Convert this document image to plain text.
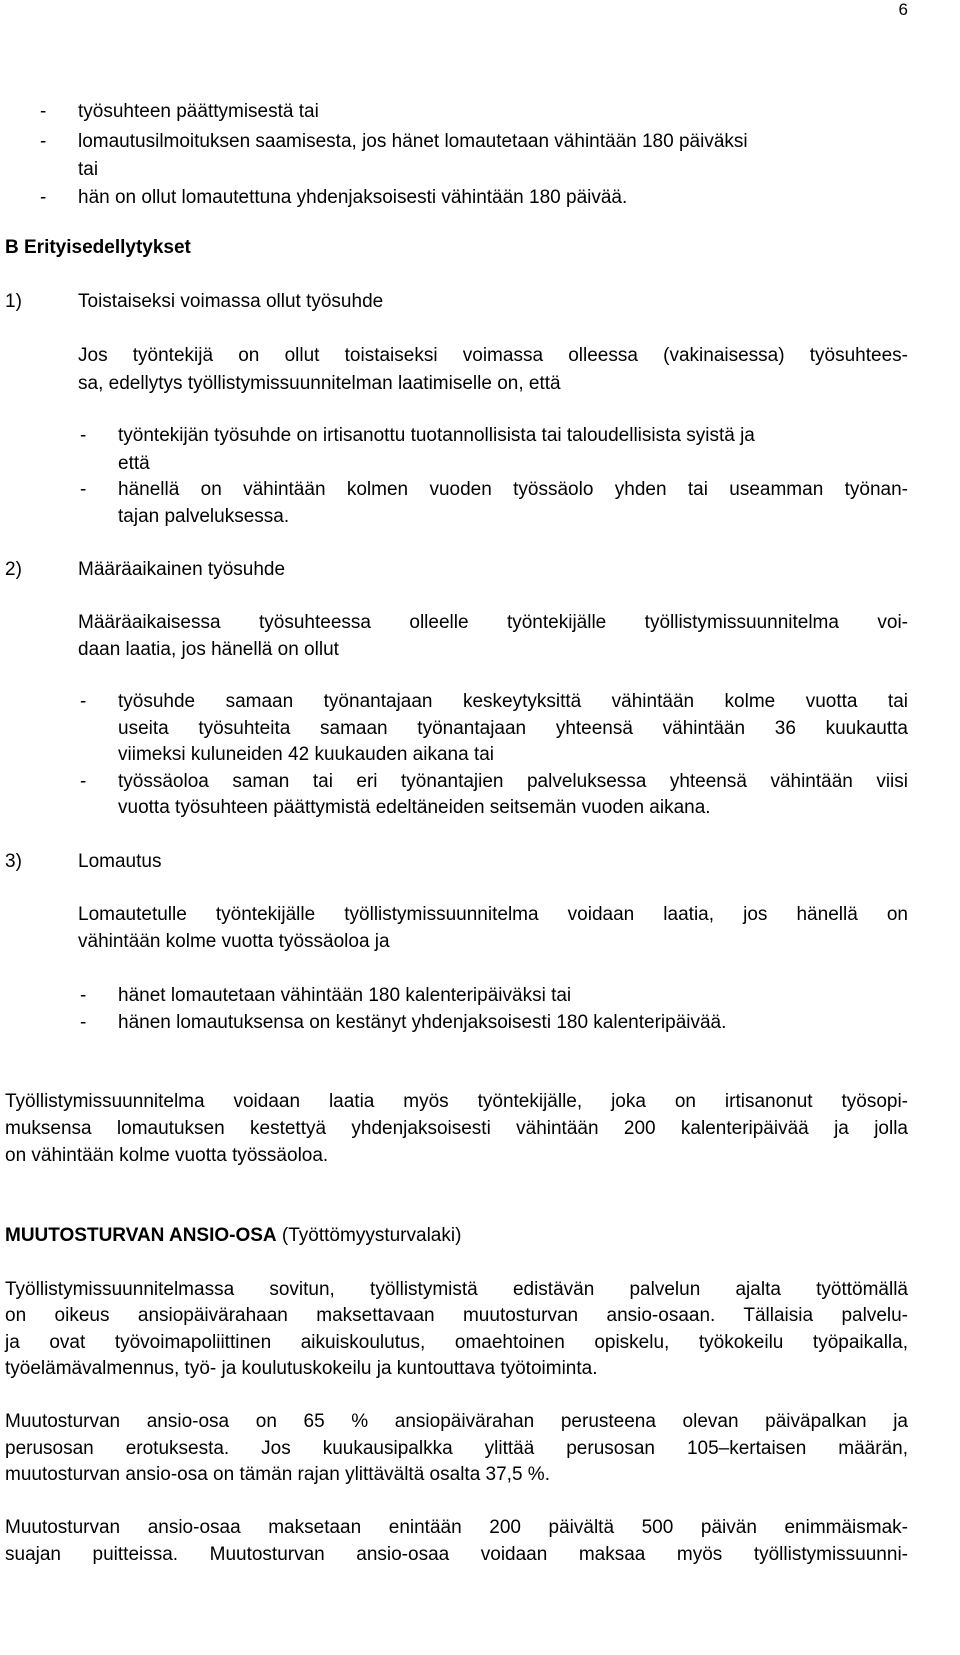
6
- työsuhteen päättymisestä tai
- lomautusilmoituksen saamisesta, jos hänet lomautetaan vähintään 180 päiväksi
tai
- hän on ollut lomautettuna yhdenjaksoisesti vähintään 180 päivää.
B Erityisedellytykset
1)	Toistaiseksi voimassa ollut työsuhde
Jos työntekijä on ollut toistaiseksi voimassa olleessa (vakinaisessa) työsuhtees-
sa, edellytys työllistymissuunnitelman laatimiselle on, että
- työntekijän työsuhde on irtisanottu tuotannollisista tai taloudellisista syistä ja
että
- hänellä on vähintään kolmen vuoden työssäolo yhden tai useamman työnan-
tajan palveluksessa.
2)	Määräaikainen työsuhde
Määräaikaisessa työsuhteessa olleelle työntekijälle työllistymissuunnitelma voi-
daan laatia, jos hänellä on ollut
- työsuhde samaan työnantajaan keskeytyksittä vähintään kolme vuotta tai
useita työsuhteita samaan työnantajaan yhteensä vähintään 36 kuukautta
viimeksi kuluneiden 42 kuukauden aikana tai
- työssäoloa saman tai eri työnantajien palveluksessa yhteensä vähintään viisi
vuotta työsuhteen päättymistä edeltäneiden seitsemän vuoden aikana.
3)	Lomautus
Lomautetulle työntekijälle työllistymissuunnitelma voidaan laatia, jos hänellä on
vähintään kolme vuotta työssäoloa ja
- hänet lomautetaan vähintään 180 kalenteripäiväksi tai
- hänen lomautuksensa on kestänyt yhdenjaksoisesti 180 kalenteripäivää.
Työllistymissuunnitelma voidaan laatia myös työntekijälle, joka on irtisanonut työsopi-
muksensa lomautuksen kestettyä yhdenjaksoisesti vähintään 200 kalenteripäivää ja jolla
on vähintään kolme vuotta työssäoloa.
MUUTOSTURVAN ANSIO-OSA (Työttömyysturvalaki)
Työllistymissuunnitelmassa sovitun, työllistymistä edistävän palvelun ajalta työttömällä
on oikeus ansiopäivärahaan maksettavaan muutosturvan ansio-osaan. Tällaisia palvelu-
ja ovat työvoimapoliittinen aikuiskoulutus, omaehtoinen opiskelu, työkokeilu työpaikalla,
työelämävalmennus, työ- ja koulutuskokeilu ja kuntouttava työtoiminta.
Muutosturvan ansio-osa on 65 % ansiopäivärahan perusteena olevan päiväpalkan ja
perusosan erotuksesta. Jos kuukausipalkka ylittää perusosan 105–kertaisen määrän,
muutosturvan ansio-osa on tämän rajan ylittävältä osalta 37,5 %.
Muutosturvan ansio-osaa maksetaan enintään 200 päivältä 500 päivän enimmäismak-
suajan puitteissa. Muutosturvan ansio-osaa voidaan maksaa myös työllistymissuunni-
